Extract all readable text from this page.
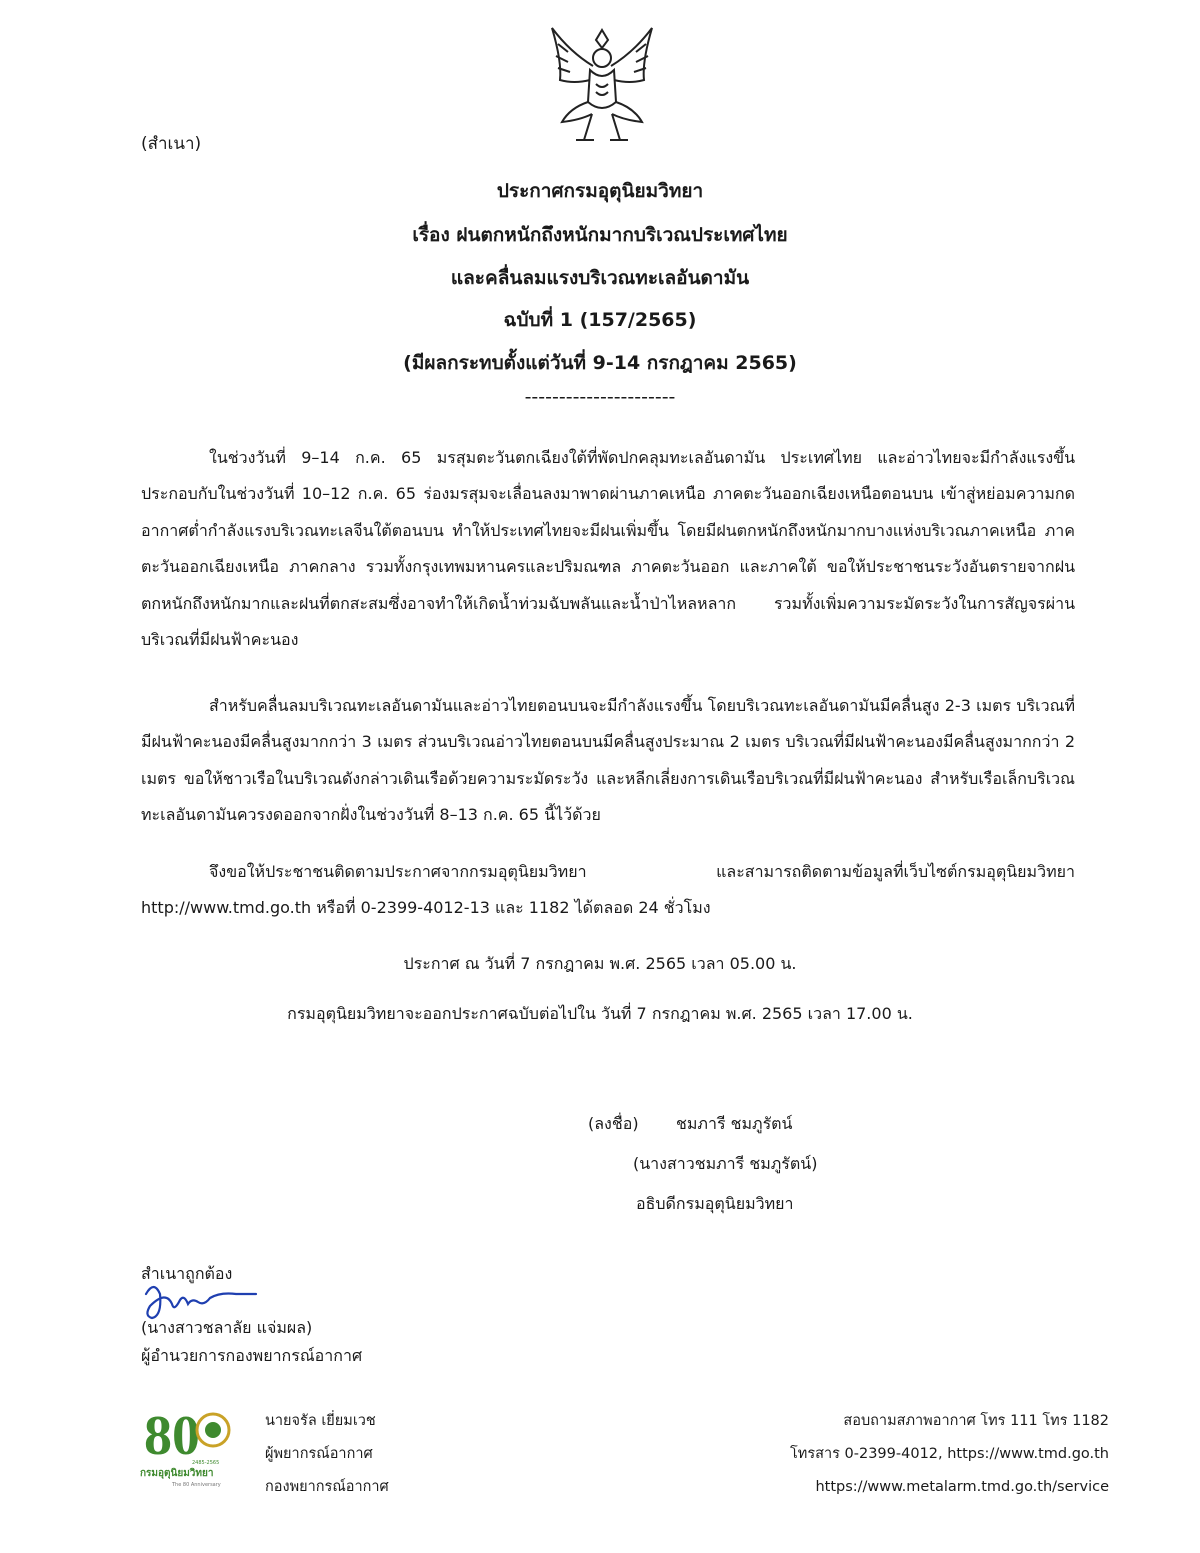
(สำเนา)
ประกาศกรมอุตุนิยมวิทยา
เรื่อง ฝนตกหนักถึงหนักมากบริเวณประเทศไทย
และคลื่นลมแรงบริเวณทะเลอันดามัน
ฉบับที่ 1 (157/2565)
(มีผลกระทบตั้งแต่วันที่ 9-14 กรกฎาคม 2565)
----------------------
ในช่วงวันที่ 9–14 ก.ค. 65 มรสุมตะวันตกเฉียงใต้ที่พัดปกคลุมทะเลอันดามัน ประเทศไทย และอ่าวไทยจะมีกำลังแรงขึ้น ประกอบกับในช่วงวันที่ 10–12 ก.ค. 65 ร่องมรสุมจะเลื่อนลงมาพาดผ่านภาคเหนือ ภาคตะวันออกเฉียงเหนือตอนบน เข้าสู่หย่อมความกดอากาศต่ำกำลังแรงบริเวณทะเลจีนใต้ตอนบน ทำให้ประเทศไทยจะมีฝนเพิ่มขึ้น โดยมีฝนตกหนักถึงหนักมากบางแห่งบริเวณภาคเหนือ ภาคตะวันออกเฉียงเหนือ ภาคกลาง รวมทั้งกรุงเทพมหานครและปริมณฑล ภาคตะวันออก และภาคใต้ ขอให้ประชาชนระวังอันตรายจากฝนตกหนักถึงหนักมากและฝนที่ตกสะสมซึ่งอาจทำให้เกิดน้ำท่วมฉับพลันและน้ำป่าไหลหลาก รวมทั้งเพิ่มความระมัดระวังในการสัญจรผ่านบริเวณที่มีฝนฟ้าคะนอง
สำหรับคลื่นลมบริเวณทะเลอันดามันและอ่าวไทยตอนบนจะมีกำลังแรงขึ้น โดยบริเวณทะเลอันดามันมีคลื่นสูง 2-3 เมตร บริเวณที่มีฝนฟ้าคะนองมีคลื่นสูงมากกว่า 3 เมตร ส่วนบริเวณอ่าวไทยตอนบนมีคลื่นสูงประมาณ 2 เมตร บริเวณที่มีฝนฟ้าคะนองมีคลื่นสูงมากกว่า 2 เมตร ขอให้ชาวเรือในบริเวณดังกล่าวเดินเรือด้วยความระมัดระวัง และหลีกเลี่ยงการเดินเรือบริเวณที่มีฝนฟ้าคะนอง สำหรับเรือเล็กบริเวณทะเลอันดามันควรงดออกจากฝั่งในช่วงวันที่ 8–13 ก.ค. 65 นี้ไว้ด้วย
จึงขอให้ประชาชนติดตามประกาศจากกรมอุตุนิยมวิทยา และสามารถติดตามข้อมูลที่เว็บไซต์กรมอุตุนิยมวิทยา http://www.tmd.go.th หรือที่ 0-2399-4012-13 และ 1182 ได้ตลอด 24 ชั่วโมง
ประกาศ ณ วันที่ 7 กรกฎาคม พ.ศ. 2565 เวลา 05.00 น.
กรมอุตุนิยมวิทยาจะออกประกาศฉบับต่อไปใน วันที่ 7 กรกฎาคม พ.ศ. 2565 เวลา 17.00 น.
(ลงชื่อ) ชมภารี ชมภูรัตน์
(นางสาวชมภารี ชมภูรัตน์)
อธิบดีกรมอุตุนิยมวิทยา
สำเนาถูกต้อง
(นางสาวชลาลัย แจ่มผล)
ผู้อำนวยการกองพยากรณ์อากาศ
80
2485-2565
กรมอุตุนิยมวิทยา
The 80 Anniversary
นายจรัล เยี่ยมเวช
ผู้พยากรณ์อากาศ
กองพยากรณ์อากาศ
สอบถามสภาพอากาศ โทร 111 โทร 1182
โทรสาร 0-2399-4012, https://www.tmd.go.th
https://www.metalarm.tmd.go.th/service
